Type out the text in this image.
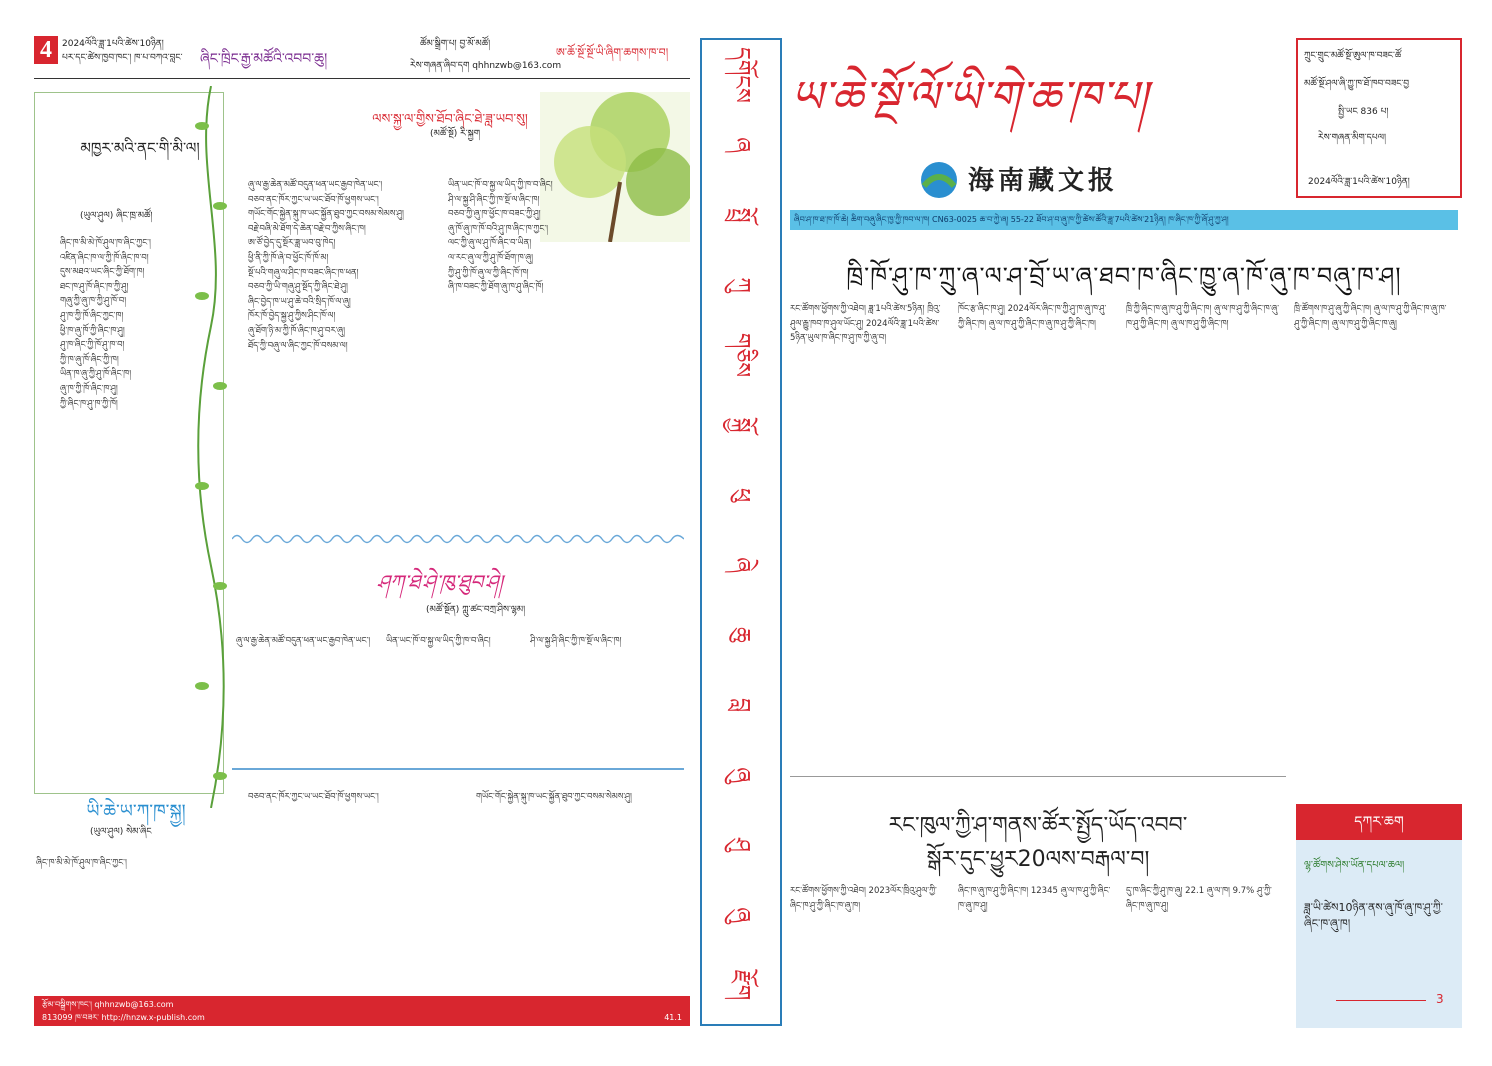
4	2024ལོའི་ཟླ་1པའི་ཚེས་10ཉིན།
པར་དང་ཚེས་ཁྱབ་ཁང་། ཁ་པ་བཀའ་བླང་	ཞིང་ཁྲིང་རྒྱ་མཚོའི་འབབ་ཆུ།
ཚོམ་སྒྲིག་པ། བྱ་མོ་མཚོ།
རེས་གཞན་ཞིབ་དག qhhnzwb@163.com
ཨ་ཆོ་སྔོ་སྔོ་ཡི་ཞིག་ཆགས་ཁ་བ།
མཁྱར་མའི་ནང་གི་མི་ལ།
(ཡུལ་ཤུལ) ཞིང་ཁྲ་མཚོ།
ཞིང་ཁ་མི་མེ་ཁོ་ཤུལ་ཁ་ཞིང་ཀྱང་།
འཛིན་ཞིང་ཁ་ལ་ཀྱི་ཁོ་ཞིང་ཁ་བ།
དུས་མཐའ་ཡང་ཞིང་ཀྱི་ཐོག་ཁ།
ཐང་ཁ་ཤུ་ཁོ་ཞིང་ཁ་ཀྱི་ཤུ།
གཞུ་ཀྱི་ཞུ་ཁ་ཀྱི་ཤུ་ཁོ་བ།
ཤུ་ཁ་ཀྱི་ཁོ་ཞིང་ཀྱང་ཁ།
ཕྱི་ཁ་ཞུ་ཁོ་ཀྱི་ཞིང་ཁ་ཤུ།
ཤུ་ཁ་ཞིང་ཀྱི་ཁོ་ཤུ་ཁ་བ།
ཀྱི་ཁ་ཞུ་ཁོ་ཞིང་ཀྱི་ཁ།
ཡིན་ཁ་ཞུ་ཀྱི་ཤུ་ཁོ་ཞིང་ཁ།
ཞུ་ཁ་ཀྱི་ཁོ་ཞིང་ཁ་ཤུ།
ཀྱི་ཞིང་ཁ་ཤུ་ཁ་ཀྱི་ཁོ།
ལས་སྐྱ་ལ་གྱིས་ཐོབ་ཞིང་ཐེ་ཟླ་ཡབ་སུ།
(མཚོ་སྔོ) རི་སྐྱག
ཞུ་ལ་རྒྱ་ཆེན་མཚོ་བདུན་ཕན་ཡང་རྒྱབ་ཁེན་ཡང་།
བཅབ་ནང་ཁོར་ཀྱང་ཡ་ཡང་ཐོབ་ཁོ་ཕྱགས་ཡང་།
གཡོང་གོང་སྐྱེན་སྐུ་ཁ་ཡང་སྐྱོན་ཐུབ་ཀྱང་བསམ་སེམས་ཤུ།
བརྗེ་བཞི་མེ་ཐོག་དེ་ཆེན་བརྗེ་བ་ཀྱིས་ཞིང་ཁ།
ཨ་ཙོ་བྱེད་དུ་སྔོར་ཟླ་ཡབ་བུ་ཁེད།
ཕྱི་ནི་ཀྱི་ཁོ་ཞེ་བ་ཕྱོང་ཁོ་ཁོ་མ།
སྔོ་པའི་གཞུ་ལ་ཤིང་ཁ་བཟང་ཞིང་ཁ་ཕན།
བཅབ་ཀྱི་ཡི་གཞུ་ཤུ་སྔོད་ཀྱི་ཞིང་ཐེ་ཤུ།
ཞིང་བྱེད་ཁ་ཡ་ཤུ་ཆེ་བའི་སྲིད་ཁོ་ལ་ཞུ།
ཁོར་ཁོ་བྱེད་སྐྱ་ཤུ་ཀྱིས་ཤིང་ཁོ་ལ།
ཞུ་ཐོག་ཉི་མ་ཀྱི་ཁོ་ཞིང་ཁ་ཤུ་བར་ཞུ།
ཐོད་ཀྱི་བཞུ་ལ་ཞིང་ཀྱང་ཁོ་བསམ་ལ།
ཡིན་ཡང་ཁོ་བ་སྐྱ་ལ་ཡིད་ཀྱི་ཁ་བ་ཞིང།
ཤི་ལ་སྐྱ་ཤི་ཞིང་ཀྱི་ཁ་སྔོ་ལ་ཞིང་ཁ།
བཅབ་ཀྱི་ཞུ་ཁ་ཕྱོང་ཁ་བཟང་ཀྱི་ཤུ།
ཞུ་ཁོ་ཞུ་ཁ་ཁོ་བའི་ཤུ་ཁ་ཞིང་ཁ་ཀྱང་།
ལང་ཀྱི་ཞུ་ལ་ཤུ་ཁོ་ཞིང་བ་ཡིན།
ལ་རང་ཞུ་ལ་ཀྱི་ཤུ་ཁོ་ཐོག་ཁ་ཞུ།
ཀྱི་ཤུ་ཀྱི་ཁོ་ཞུ་ལ་ཀྱི་ཞིང་ཁོ་ཁ།
ཞི་ཁ་བཟང་ཀྱི་ཐོག་ཞུ་ཁ་ཤུ་ཞིང་ཁོ།
ཤཀ་ཐེ་ཤེ་ཁུ་ཐུབ་ཤེ།
(མཚོ་སྔོན) ཀླུ་ཚང་བཀྲ་ཤིས་ལྷམ།
ཞུ་ལ་རྒྱ་ཆེན་མཚོ་བདུན་ཕན་ཡང་རྒྱབ་ཁེན་ཡང་།	ཡིན་ཡང་ཁོ་བ་སྐྱ་ལ་ཡིད་ཀྱི་ཁ་བ་ཞིང།	ཤི་ལ་སྐྱ་ཤི་ཞིང་ཀྱི་ཁ་སྔོ་ལ་ཞིང་ཁ།
ཡི་ཆེ་ཡ་ཀ་ཁ་སྐྱ།
(ཡུལ་ཤུལ) སེམ་ཞིང
ཞིང་ཁ་མི་མེ་ཁོ་ཤུལ་ཁ་ཞིང་ཀྱང་།
བཅབ་ནང་ཁོར་ཀྱང་ཡ་ཡང་ཐོབ་ཁོ་ཕྱགས་ཡང་།	གཡོང་གོང་སྐྱེན་སྐུ་ཁ་ཡང་སྐྱོན་ཐུབ་ཀྱང་བསམ་སེམས་ཤུ།
རྩོམ་བསྒྲིགས་ཁང་། qhhnzwb@163.com
813099 ཁ་བཟར་ http://hnzw.x-publish.com	41.1
དགོངས
ཞ
སྤྲོ
ཀུ
གཅིས
སྐྱོ
ཕུ
ཞེ
ཆུ
བླ
ཞུ
ཤུ
ཞུ
རྫོག
ཡ་ཆེ་སྔོ་ལོ་ཡི་གེ་ཆ་ཁ་པ།
海南藏文报
ཀྲུང་གྲུང་མཚོ་སྔོ་ཨུལ་ཁ་བཟང་ཚོ
མཚོ་སྔོ་ཤལ་ཞི་ཀྱུ་ཁ་ཐོ་ཁབ་བཟང་བྱ
སྤྱི་ཡང 836 པ།
རེས་གཞན་མིག་དཔལ།
2024ལོའི་ཟླ་1པའི་ཚེས་10ཉིན།
ཞིབ་ཤ་ཁ་ཐ་ཁ་ཁོ་ཆེ། ཆིག་བཞུ་ཞིང་ཁྱ་ཀྱི་ཁབ་ལ་ཁ། CN63-0025 ཆ་བ་ཀྱེ་ཞ། 55-22 ཐོབ་ཤ་བ་ཞུ་ཁ་ཀྱི་ཚེས་ཚོའི་ཟླ་7པའི་ཚེས་21ཉིན། ཁ་ཞིང་ཁ་ཀྱི་ཞོ་ཤུ་ཀྱ་ཤ།
ཁྲི་ཁོ་ཤུ་ཁ་ཀྲུ་ཞ་ལ་ཤ་བྲོ་ཡ་ཞ་ཐབ་ཁ་ཞིང་ཁྱུ་ཞ་ཁོ་ཞུ་ཁ་བཞུ་ཁ་ཤ།
རང་ཚོགས་ཕྱོགས་ཀྱི་འཐེབ། ཟླ་1པའི་ཚེས་5ཉིན། ཁྲིའུ་ཤུལ་རྒྱུ་ཁབ་ཁ་ཤུལ་ཡོང་ཤུ། 2024ལོའི་ཟླ་1པའི་ཚེས་5ཉིན་ཡུལ་ཁ་ཞིང་ཁ་ཤུ་ཁ་ཀྱི་ཞུ་བ།
ཁོང་རྩ་ཞིང་ཁ་ཤུ། 2024ལོར་ཞིང་ཁ་ཀྱི་ཤུ་ཁ་ཞུ་ཁ་ཤུ་ཀྱི་ཞིང་ཁ། ཞུ་ལ་ཁ་ཤུ་ཀྱི་ཞིང་ཁ་ཞུ་ཁ་ཤུ་ཀྱི་ཞིང་ཁ།
ཁྲི་ཀྱི་ཞིང་ཁ་ཞུ་ཁ་ཤུ་ཀྱི་ཞིང་ཁ། ཞུ་ལ་ཁ་ཤུ་ཀྱི་ཞིང་ཁ་ཞུ་ཁ་ཤུ་ཀྱི་ཞིང་ཁ། ཞུ་ལ་ཁ་ཤུ་ཀྱི་ཞིང་ཁ།
ཁྲི་ཚོགས་ཁ་ཤུ་ཞུ་ཀྱི་ཞིང་ཁ། ཞུ་ལ་ཁ་ཤུ་ཀྱི་ཞིང་ཁ་ཞུ་ཁ་ཤུ་ཀྱི་ཞིང་ཁ། ཞུ་ལ་ཁ་ཤུ་ཀྱི་ཞིང་ཁ་ཞུ།
རང་ཁུལ་ཀྱི་ཤ་གནས་ཚོར་སྤྱོད་ཡོད་འབབ་
སྒོར་དུང་ཕྱུར20ལས་བརྒལ་བ།
རང་ཚོགས་ཕྱོགས་ཀྱི་འཐེབ། 2023ལོར་ཁྲིའུ་ཤུལ་ཀྱི་ཞིང་ཁ་ཤུ་ཀྱི་ཞིང་ཁ་ཞུ་ཁ།
ཞིང་ཁ་ཞུ་ཁ་ཤུ་ཀྱི་ཞིང་ཁ། 12345 ཞུ་ལ་ཁ་ཤུ་ཀྱི་ཞིང་ཁ་ཞུ་ཁ་ཤུ།
དུ་ཁ་ཞིང་ཀྱི་ཤུ་ཁ་ཞུ། 22.1 ཞུ་ལ་ཁ། 9.7% ཤུ་ཀྱི་ཞིང་ཁ་ཞུ་ཁ་ཤུ།
དཀར་ཆག
ལྷ་ཚོགས་ཤེས་ཡོན་དཔལ་ཆལ།
ཟླ་ཡི་ཚེས10ཉིན་ནས་ཞུ་ཁོ་ཞུ་ཁ་ཤུ་ཀྱི་ཞིང་ཁ་ཞུ་ཁ།
3
